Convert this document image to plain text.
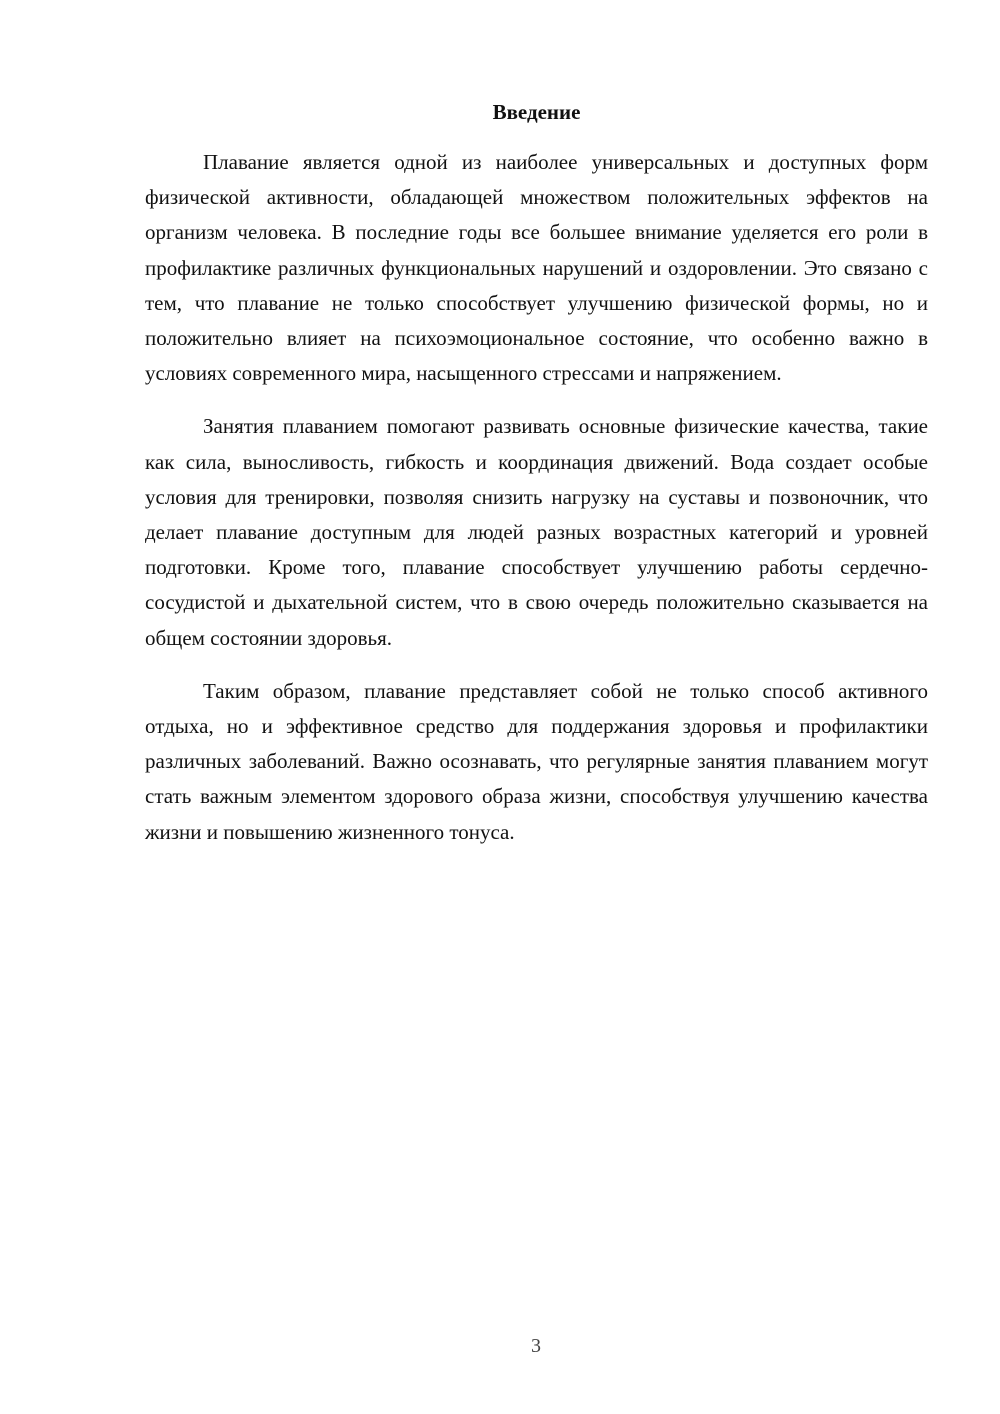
Введение

Плавание является одной из наиболее универсальных и доступных форм физической активности, обладающей множеством положительных эффектов на организм человека. В последние годы все большее внимание уделяется его роли в профилактике различных функциональных нарушений и оздоровлении. Это связано с тем, что плавание не только способствует улучшению физической формы, но и положительно влияет на психоэмоциональное состояние, что особенно важно в условиях современного мира, насыщенного стрессами и напряжением.

Занятия плаванием помогают развивать основные физические качества, такие как сила, выносливость, гибкость и координация движений. Вода создает особые условия для тренировки, позволяя снизить нагрузку на суставы и позвоночник, что делает плавание доступным для людей разных возрастных категорий и уровней подготовки. Кроме того, плавание способствует улучшению работы сердечно-сосудистой и дыхательной систем, что в свою очередь положительно сказывается на общем состоянии здоровья.

Таким образом, плавание представляет собой не только способ активного отдыха, но и эффективное средство для поддержания здоровья и профилактики различных заболеваний. Важно осознавать, что регулярные занятия плаванием могут стать важным элементом здорового образа жизни, способствуя улучшению качества жизни и повышению жизненного тонуса.

3
